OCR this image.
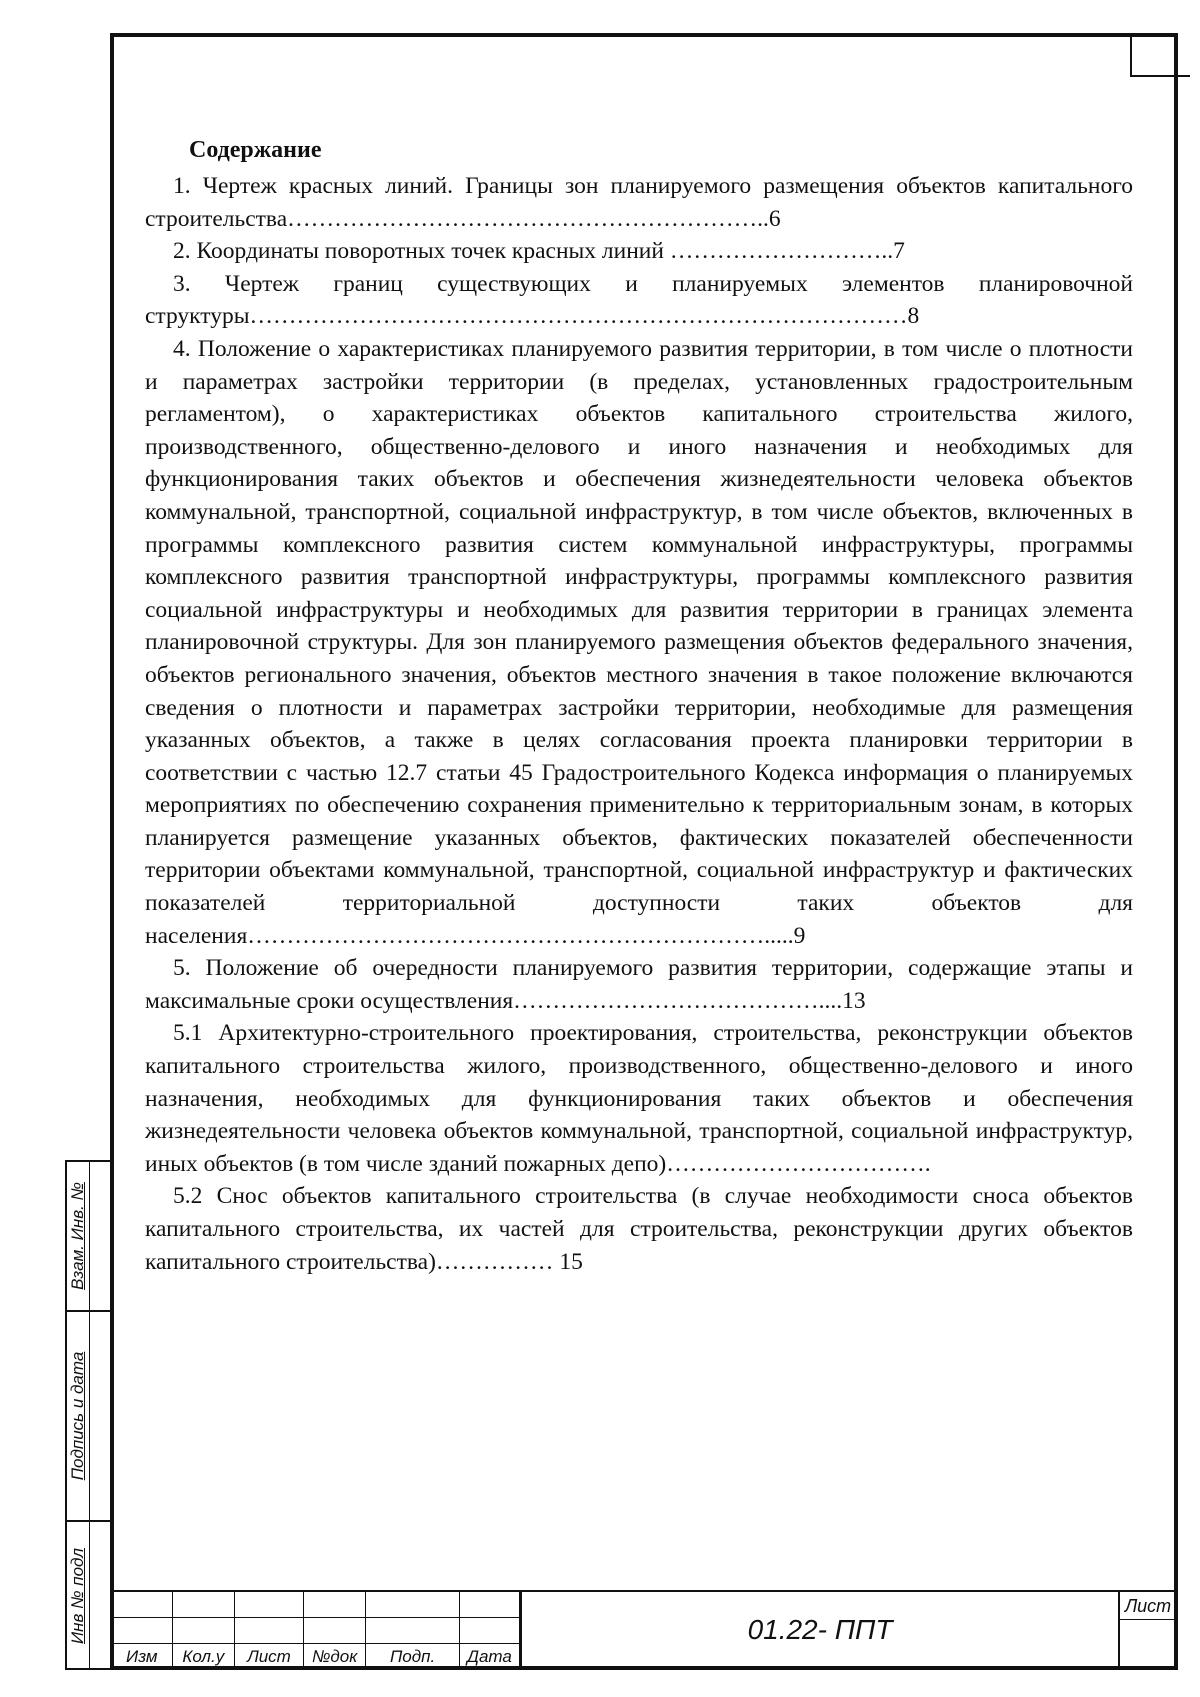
Взам. Инв. №
Подпись и дата
Инв № подл
Содержание

1. Чертеж красных линий. Границы зон планируемого размещения объектов капитального строительства……………………………………………………..6

2. Координаты поворотных точек красных линий ………………………..7

3. Чертеж границ существующих и планируемых элементов планировочной структуры…………………………………………………………………………8

4. Положение о характеристиках планируемого развития территории, в том числе о плотности и параметрах застройки территории (в пределах, установленных градостроительным регламентом), о характеристиках объектов капитального строительства жилого, производственного, общественно-делового и иного назначения и необходимых для функционирования таких объектов и обеспечения жизнедеятельности человека объектов коммунальной, транспортной, социальной инфраструктур, в том числе объектов, включенных в программы комплексного развития систем коммунальной инфраструктуры, программы комплексного развития транспортной инфраструктуры, программы комплексного развития социальной инфраструктуры и необходимых для развития территории в границах элемента планировочной структуры. Для зон планируемого размещения объектов федерального значения, объектов регионального значения, объектов местного значения в такое положение включаются сведения о плотности и параметрах застройки территории, необходимые для размещения указанных объектов, а также в целях согласования проекта планировки территории в соответствии с частью 12.7 статьи 45 Градостроительного Кодекса информация о планируемых мероприятиях по обеспечению сохранения применительно к территориальным зонам, в которых планируется размещение указанных объектов, фактических показателей обеспеченности территории объектами коммунальной, транспортной, социальной инфраструктур и фактических показателей территориальной доступности таких объектов для населения………………………………………………………….....9

5. Положение об очередности планируемого развития территории, содержащие этапы и максимальные сроки осуществления…………………………………....13

5.1 Архитектурно-строительного проектирования, строительства, реконструкции объектов капитального строительства жилого, производственного, общественно-делового и иного назначения, необходимых для функционирования таких объектов и обеспечения жизнедеятельности человека объектов коммунальной, транспортной, социальной инфраструктур, иных объектов (в том числе зданий пожарных депо)…………………………….

5.2 Снос объектов капитального строительства (в случае необходимости сноса объектов капитального строительства, их частей для строительства, реконструкции других объектов капитального строительства)…………… 15

Изм	Кол.у	Лист	№док	Подп.	Дата
01.22- ППТ
Лист
